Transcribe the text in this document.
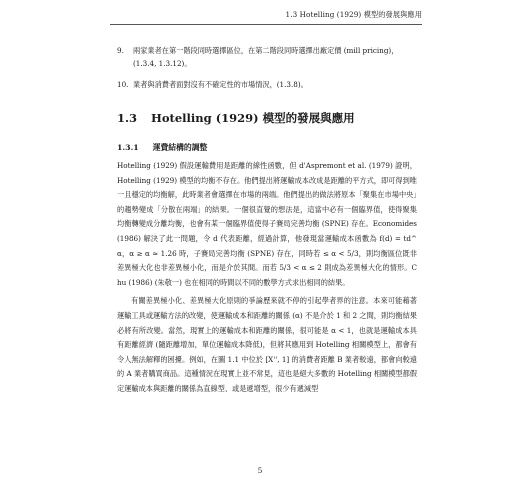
1.3 Hotelling (1929) 模型的發展與應用
9. 兩家業者在第一階段同時選擇區位，在第二階段同時選擇出廠定價 (mill pricing)，(1.3.4, 1.3.12)。
10. 業者與消費者面對沒有不確定性的市場情況，(1.3.8)。
1.3 Hotelling (1929) 模型的發展與應用
1.3.1 運費結構的調整

Hotelling (1929) 假設運輸費用是距離的線性函數，但 d'Aspremont et al. (1979) 證明，Hotelling (1929) 模型的均衡不存在。他們提出將運輸成本改成是距離的平方式，即可得到唯一且穩定的均衡解，此時業者會選擇在市場的兩端。他們提出的做法將原本「聚集在市場中央」的趨勢變成「分散在兩端」的結果。一個很直覺的想法是，這當中必有一個臨界值，使得聚集均衡轉變成分離均衡，也會有某一個臨界值使得子賽局完善均衡 (SPNE) 存在。Economides (1986) 解決了此一問題，令 d 代表距離，經過計算，他發現當運輸成本函數為 f(d) = td^α，α ≥ α ≈ 1.26 時，子賽局完善均衡 (SPNE) 存在，同時若 ≤ α < 5/3，則均衡區位既非差異極大化也非差異極小化，而是介於其間。而若 5/3 < α ≤ 2 則成為差異極大化的情形。Chu (1986) (朱敬一) 也在相同的時間以不同的數學方式求出相同的結果。

有關差異極小化、差異極大化原則的爭論歷來就不停的引起學者界的注意。本來可能藉著運輸工具或運輸方法的改變，使運輸成本和距離的關係 (α) 不是介於 1 和 2 之間，則均衡結果必將有所改變。當然，現實上的運輸成本和距離的關係，很可能是 α < 1，也就是運輸成本具有距離經濟 (隨距離增加，單位運輸成本降低)，但將其應用到 Hotelling 相關模型上，都會有令人無法解釋的困擾。例如，在圖 1.1 中位於 [X'', 1] 的消費者距離 B 業者較遠，都會向較遠的 A 業者購買商品。這種情況在現實上並不常見，這也是絕大多數的 Hotelling 相關模型都假定運輸成本與距離的關係為直線型、或是遞增型，很少有遞減型

5
